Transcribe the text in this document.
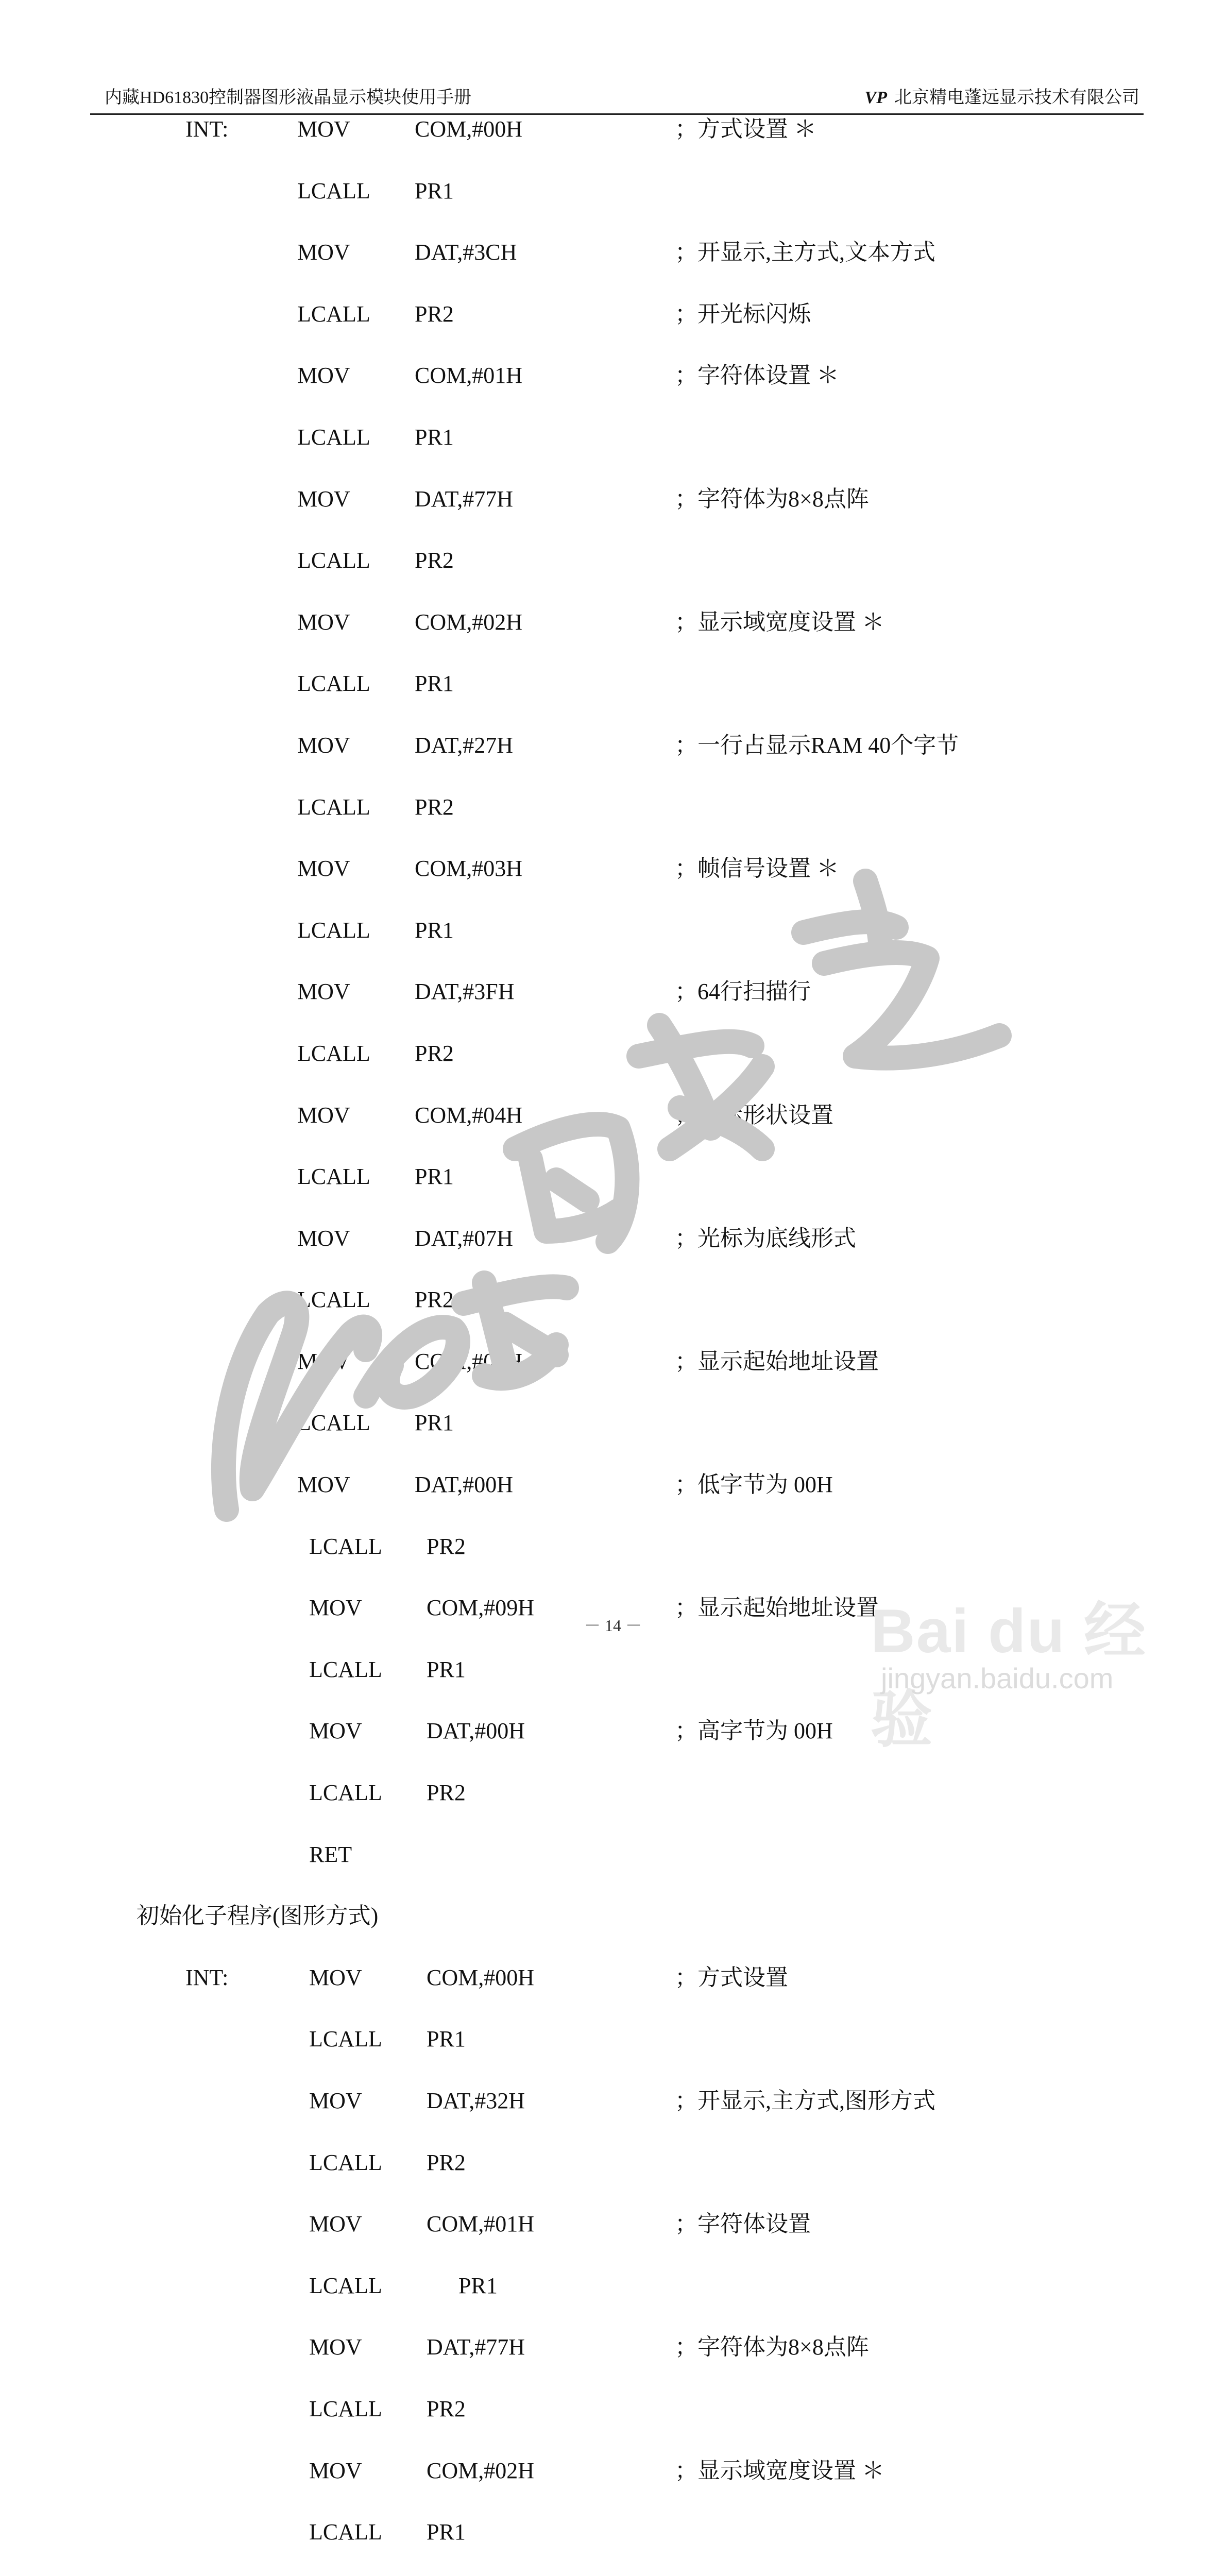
内藏HD61830控制器图形液晶显示模块使用手册	VP 北京精电蓬远显示技术有限公司
INT:	MOV	COM,#00H	；方式设置 ＊
LCALL PR1
MOV	DAT,#3CH	；开显示,主方式,文本方式
LCALL PR2	；开光标闪烁
MOV	COM,#01H	；字符体设置 ＊
LCALL PR1
MOV	DAT,#77H	；字符体为8×8点阵
LCALL PR2
MOV	COM,#02H	；显示域宽度设置 ＊
LCALL PR1
MOV	DAT,#27H	；一行占显示RAM 40个字节
LCALL PR2
MOV	COM,#03H	；帧信号设置 ＊
LCALL PR1
MOV	DAT,#3FH	；64行扫描行
LCALL PR2
MOV	COM,#04H	；光标形状设置
LCALL PR1
MOV	DAT,#07H	；光标为底线形式
LCALL PR2
MOV	COM,#08H	；显示起始地址设置
LCALL PR1
MOV	DAT,#00H	；低字节为 00H
LCALL PR2
MOV	COM,#09H	；显示起始地址设置
LCALL PR1
MOV	DAT,#00H	；高字节为 00H
LCALL PR2
RET
初始化子程序(图形方式)
INT:	MOV	COM,#00H	；方式设置
LCALL PR1
MOV	DAT,#32H	；开显示,主方式,图形方式
LCALL PR2
MOV	COM,#01H	；字符体设置
LCALL	PR1
MOV	DAT,#77H	；字符体为8×8点阵
LCALL PR2
MOV	COM,#02H	；显示域宽度设置 ＊
LCALL PR1
－ 14 －	Bai du 经验
jingyan.baidu.com
